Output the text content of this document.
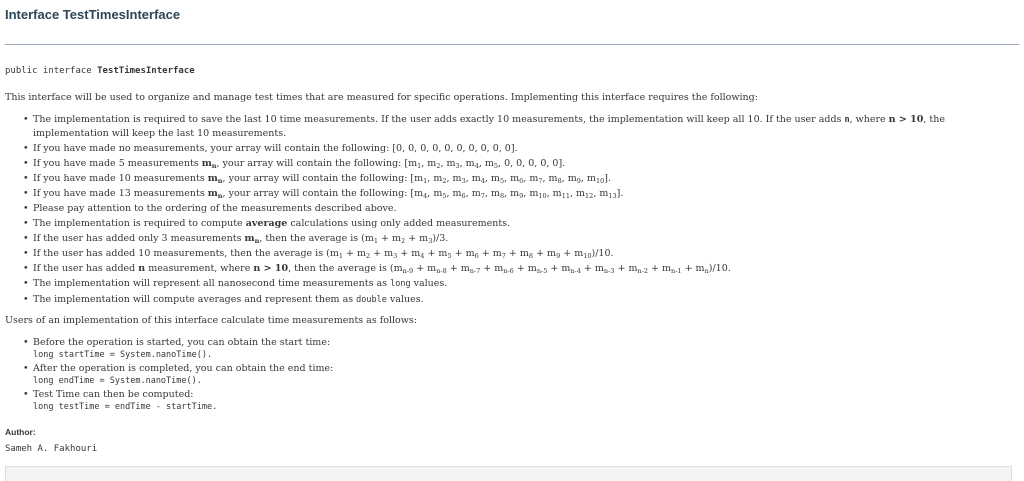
Interface TestTimesInterface
public interface TestTimesInterface

This interface will be used to organize and manage test times that are measured for specific operations. Implementing this interface requires the following:

• The implementation is required to save the last 10 time measurements. If the user adds exactly 10 measurements, the implementation will keep all 10. If the user adds n, where n > 10, the implementation will keep the last 10 measurements.
• If you have made no measurements, your array will contain the following: [0, 0, 0, 0, 0, 0, 0, 0, 0, 0].
• If you have made 5 measurements $m_n$, your array will contain the following: [$m_1$, $m_2$, $m_3$, $m_4$, $m_5$, 0, 0, 0, 0, 0].
• If you have made 10 measurements $m_n$, your array will contain the following: [$m_1$, $m_2$, $m_3$, $m_4$, $m_5$, $m_6$, $m_7$, $m_8$, $m_9$, $m_{10}$].
• If you have made 13 measurements $m_n$, your array will contain the following: [$m_4$, $m_5$, $m_6$, $m_7$, $m_8$, $m_9$, $m_{10}$, $m_{11}$, $m_{12}$, $m_{13}$].
• Please pay attention to the ordering of the measurements described above.
• The implementation is required to compute average calculations using only added measurements.
• If the user has added only 3 measurements $m_n$, then the average is $(m_1 + m_2 + m_3)/3$.
• If the user has added 10 measurements, then the average is $(m_1 + m_2 + m_3 + m_4 + m_5 + m_6 + m_7 + m_8 + m_9 + m_{10})/10$.
• If the user has added n measurement, where n > 10, then the average is $(m_{n-9} + m_{n-8} + m_{n-7} + m_{n-6} + m_{n-5} + m_{n-4} + m_{n-3} + m_{n-2} + m_{n-1} + m_n)/10$.
• The implementation will represent all nanosecond time measurements as long values.
• The implementation will compute averages and represent them as double values.

Users of an implementation of this interface calculate time measurements as follows:

• Before the operation is started, you can obtain the start time:
long startTime = System.nanoTime().
• After the operation is completed, you can obtain the end time:
long endTime = System.nanoTime().
• Test Time can then be computed:
long testTime = endTime - startTime.
Author:
Sameh A. Fakhouri
